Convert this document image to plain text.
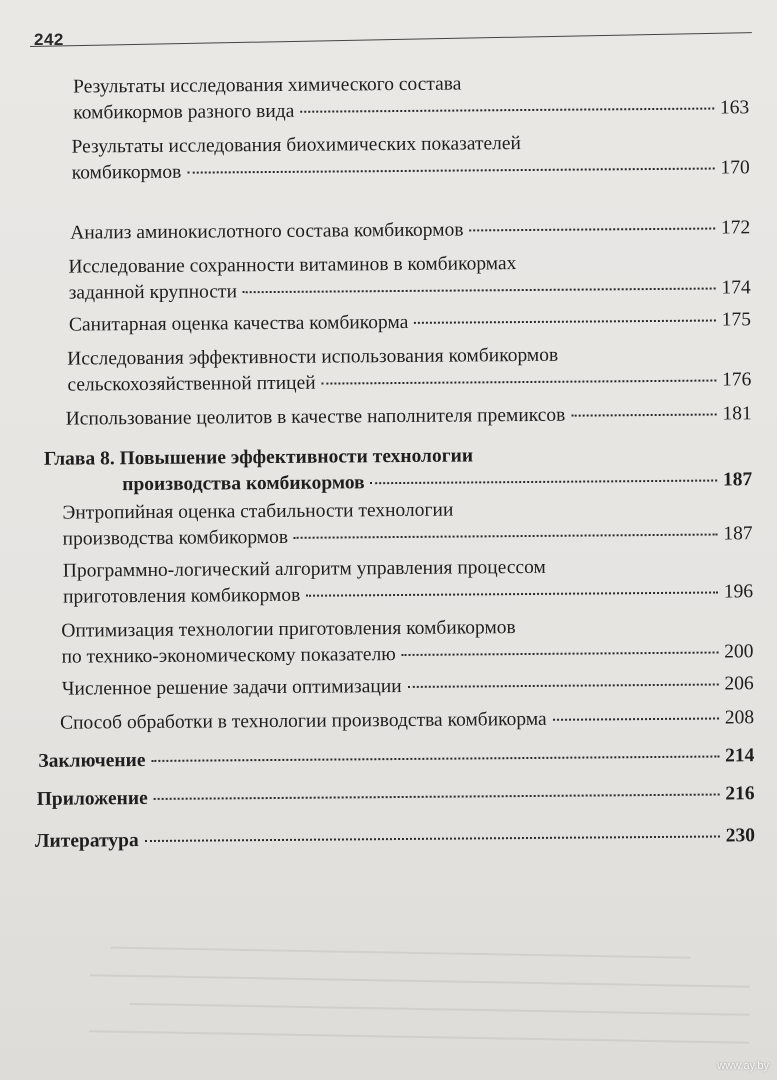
242
Результаты исследования химического состава
комбикормов разного вида	163
Результаты исследования биохимических показателей
комбикормов	170
Анализ аминокислотного состава комбикормов	172
Исследование сохранности витаминов в комбикормах
заданной крупности	174
Санитарная оценка качества комбикорма	175
Исследования эффективности использования комбикормов
сельскохозяйственной птицей	176
Использование цеолитов в качестве наполнителя премиксов	181
Глава 8. Повышение эффективности технологии
производства комбикормов	187
Энтропийная оценка стабильности технологии
производства комбикормов	187
Программно-логический алгоритм управления процессом
приготовления комбикормов	196
Оптимизация технологии приготовления комбикормов
по технико-экономическому показателю	200
Численное решение задачи оптимизации	206
Способ обработки в технологии производства комбикорма	208
Заключение	214
Приложение	216
Литература	230
www.ay.by
